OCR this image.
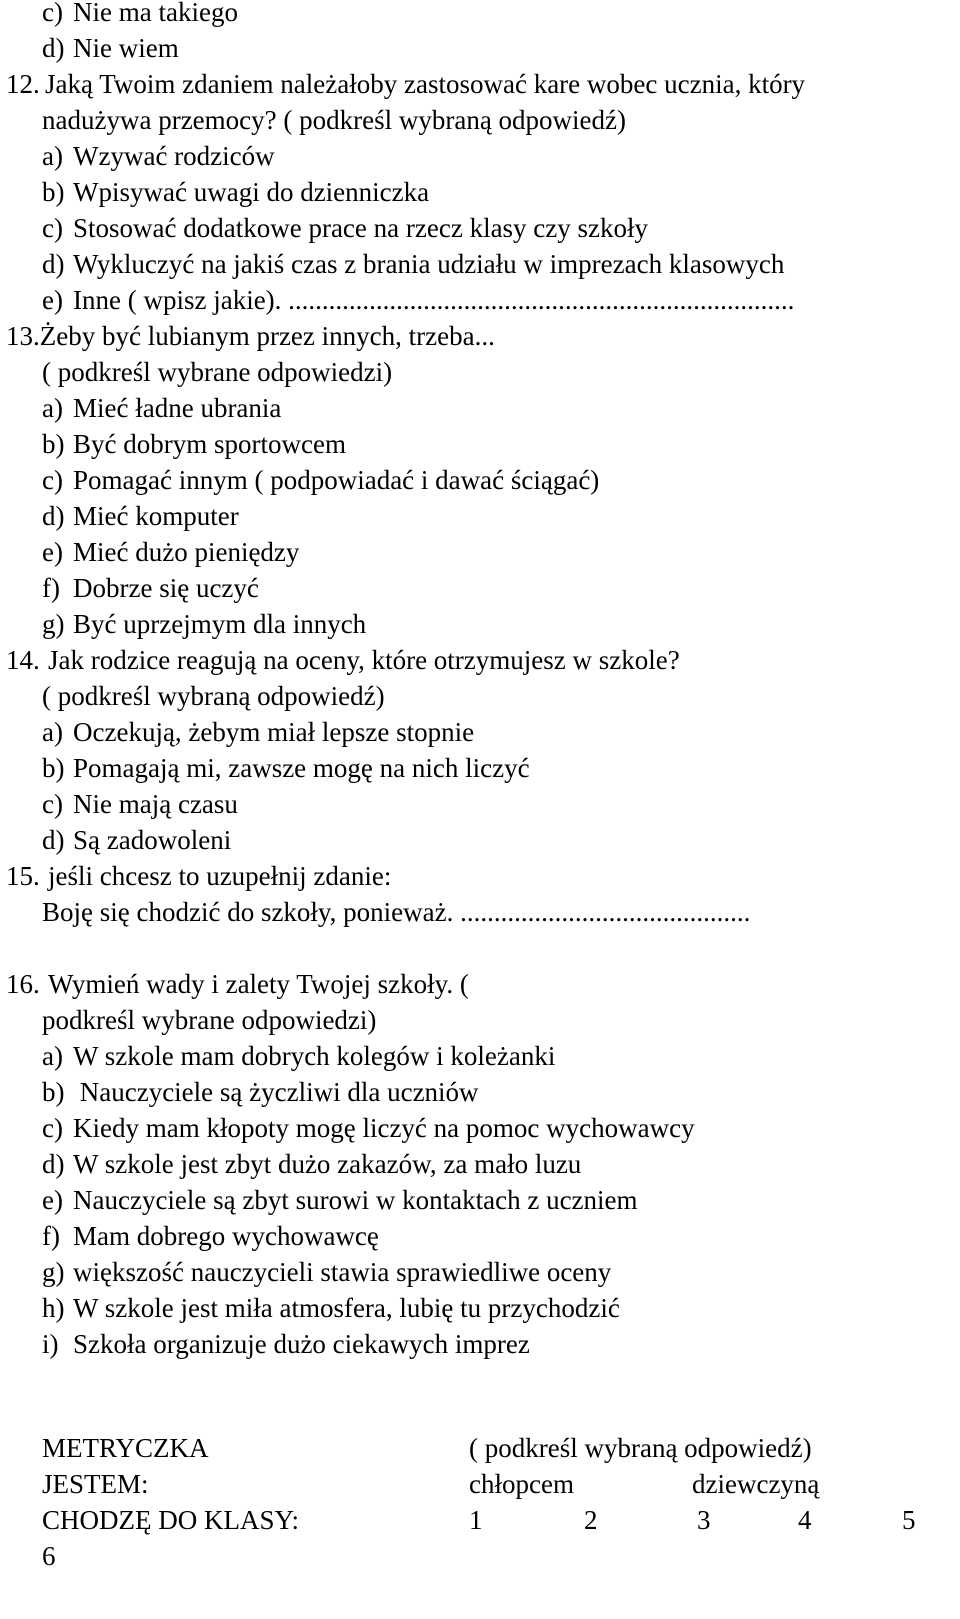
c) Nie ma takiego
d) Nie wiem
12. Jaką Twoim zdaniem należałoby zastosować kare wobec ucznia, który
nadużywa przemocy? ( podkreśl wybraną odpowiedź)
a) Wzywać rodziców
b) Wpisywać uwagi do dzienniczka
c) Stosować dodatkowe prace na rzecz klasy czy szkoły
d) Wykluczyć na jakiś czas z brania udziału w imprezach klasowych
e) Inne ( wpisz jakie). ...........................................................................
13.Żeby być lubianym przez innych, trzeba...
( podkreśl wybrane odpowiedzi)
a) Mieć ładne ubrania
b) Być dobrym sportowcem
c) Pomagać innym ( podpowiadać i dawać ściągać)
d) Mieć komputer
e) Mieć dużo pieniędzy
f) Dobrze się uczyć
g) Być uprzejmym dla innych
14. Jak rodzice reagują na oceny, które otrzymujesz w szkole?
( podkreśl wybraną odpowiedź)
a) Oczekują, żebym miał lepsze stopnie
b) Pomagają mi, zawsze mogę na nich liczyć
c) Nie mają czasu
d) Są zadowoleni
15. jeśli chcesz to uzupełnij zdanie:
Boję się chodzić do szkoły, ponieważ. ...........................................
16. Wymień wady i zalety Twojej szkoły. (
podkreśl wybrane odpowiedzi)
a) W szkole mam dobrych kolegów i koleżanki
b) Nauczyciele są życzliwi dla uczniów
c) Kiedy mam kłopoty mogę liczyć na pomoc wychowawcy
d) W szkole jest zbyt dużo zakazów, za mało luzu
e) Nauczyciele są zbyt surowi w kontaktach z uczniem
f) Mam dobrego wychowawcę
g) większość nauczycieli stawia sprawiedliwe oceny
h) W szkole jest miła atmosfera, lubię tu przychodzić
i) Szkoła organizuje dużo ciekawych imprez
METRYCZKA	( podkreśl wybraną odpowiedź)
JESTEM:	chłopcem	dziewczyną
CHODZĘ DO KLASY:	1	2	3	4	5
6
